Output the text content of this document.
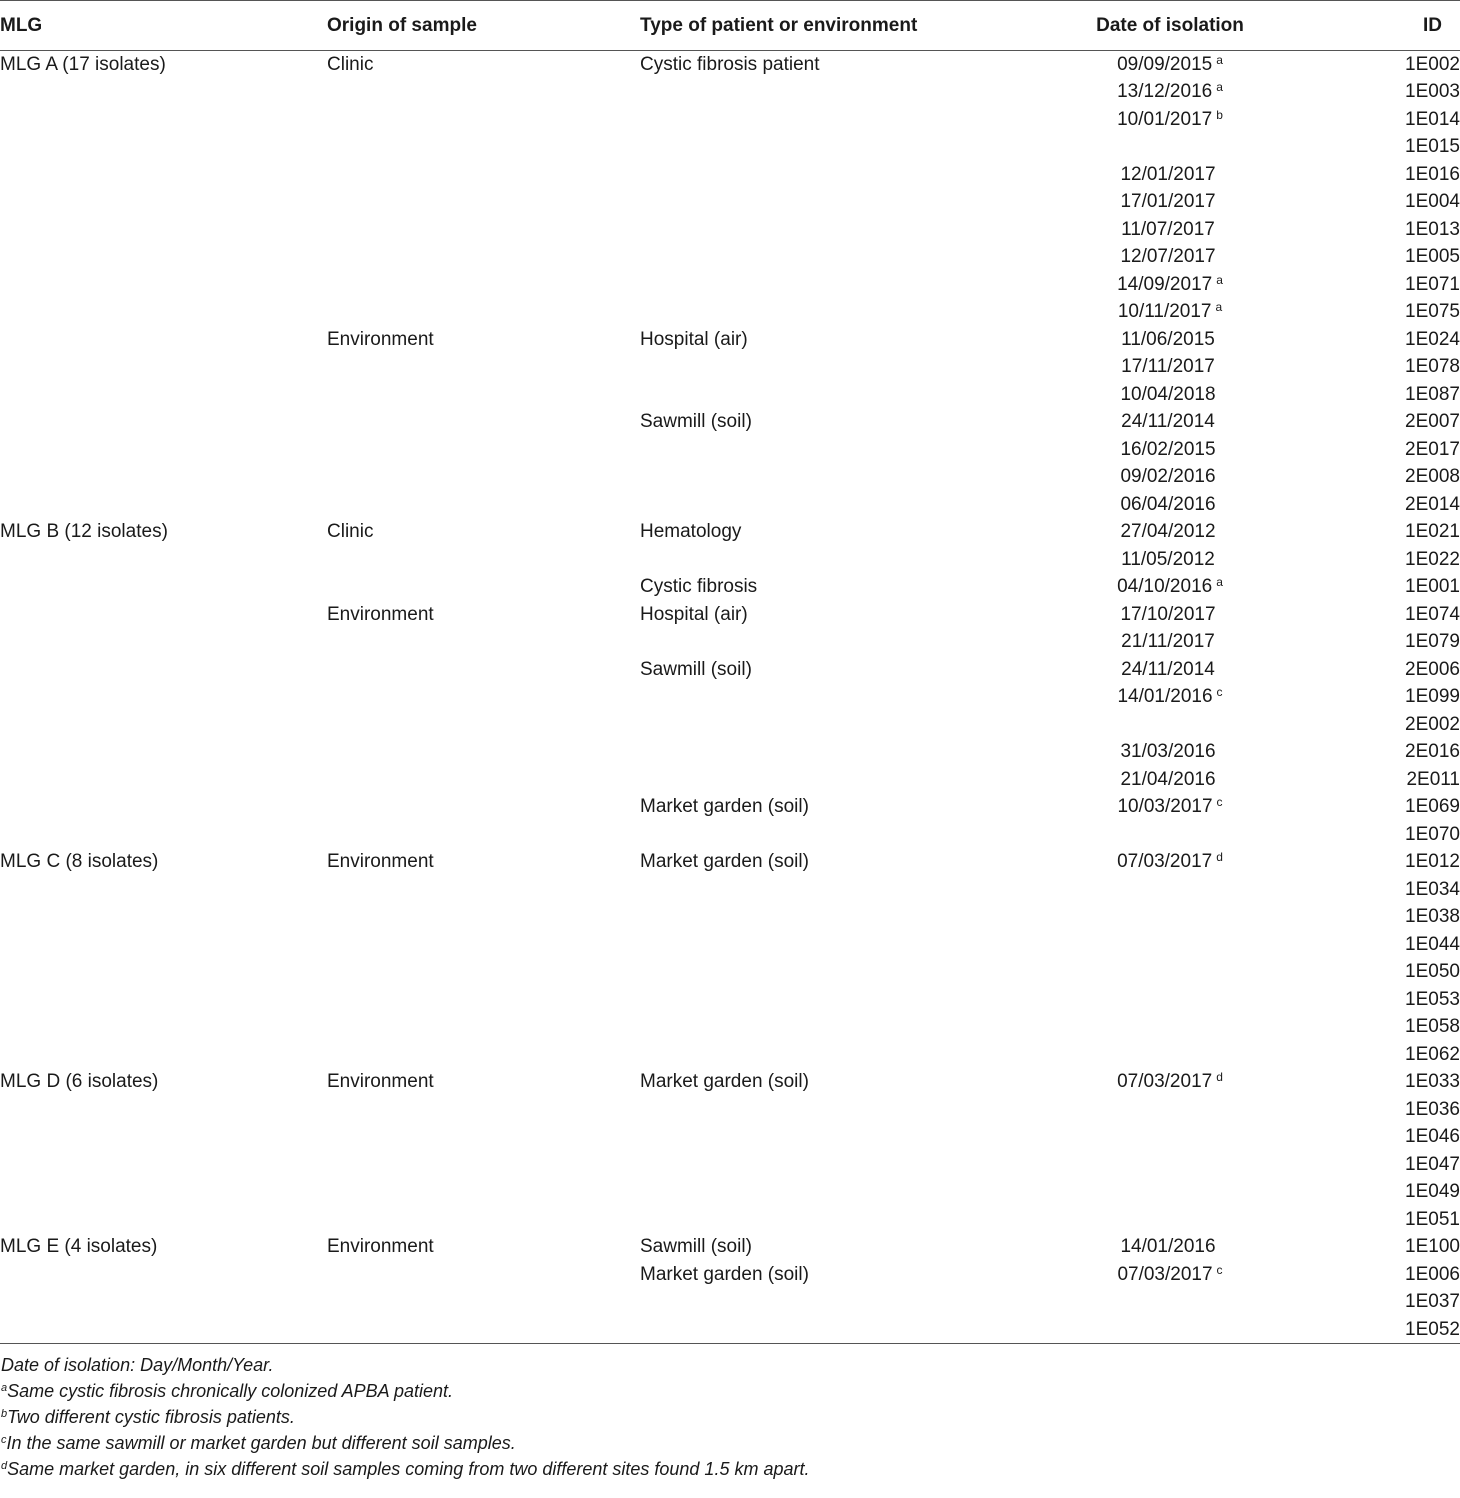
MLG	Origin of sample	Type of patient or environment	Date of isolation	ID
MLG A (17 isolates)	Clinic	Cystic fibrosis patient	09/09/2015 $^a$	1E002
			13/12/2016 $^a$	1E003
			10/01/2017 $^b$	1E014
				1E015
			12/01/2017	1E016
			17/01/2017	1E004
			11/07/2017	1E013
			12/07/2017	1E005
			14/09/2017 $^a$	1E071
			10/11/2017 $^a$	1E075
	Environment	Hospital (air)	11/06/2015	1E024
			17/11/2017	1E078
			10/04/2018	1E087
		Sawmill (soil)	24/11/2014	2E007
			16/02/2015	2E017
			09/02/2016	2E008
			06/04/2016	2E014
MLG B (12 isolates)	Clinic	Hematology	27/04/2012	1E021
			11/05/2012	1E022
		Cystic fibrosis	04/10/2016 $^a$	1E001
	Environment	Hospital (air)	17/10/2017	1E074
			21/11/2017	1E079
		Sawmill (soil)	24/11/2014	2E006
			14/01/2016 $^c$	1E099
				2E002
			31/03/2016	2E016
			21/04/2016	2E011
		Market garden (soil)	10/03/2017 $^c$	1E069
				1E070
MLG C (8 isolates)	Environment	Market garden (soil)	07/03/2017 $^d$	1E012
				1E034
				1E038
				1E044
				1E050
				1E053
				1E058
				1E062
MLG D (6 isolates)	Environment	Market garden (soil)	07/03/2017 $^d$	1E033
				1E036
				1E046
				1E047
				1E049
				1E051
MLG E (4 isolates)	Environment	Sawmill (soil)	14/01/2016	1E100
		Market garden (soil)	07/03/2017 $^c$	1E006
				1E037
				1E052

Date of isolation: Day/Month/Year.

$^a$Same cystic fibrosis chronically colonized APBA patient.

$^b$Two different cystic fibrosis patients.

$^c$In the same sawmill or market garden but different soil samples.

$^d$Same market garden, in six different soil samples coming from two different sites found 1.5 km apart.
